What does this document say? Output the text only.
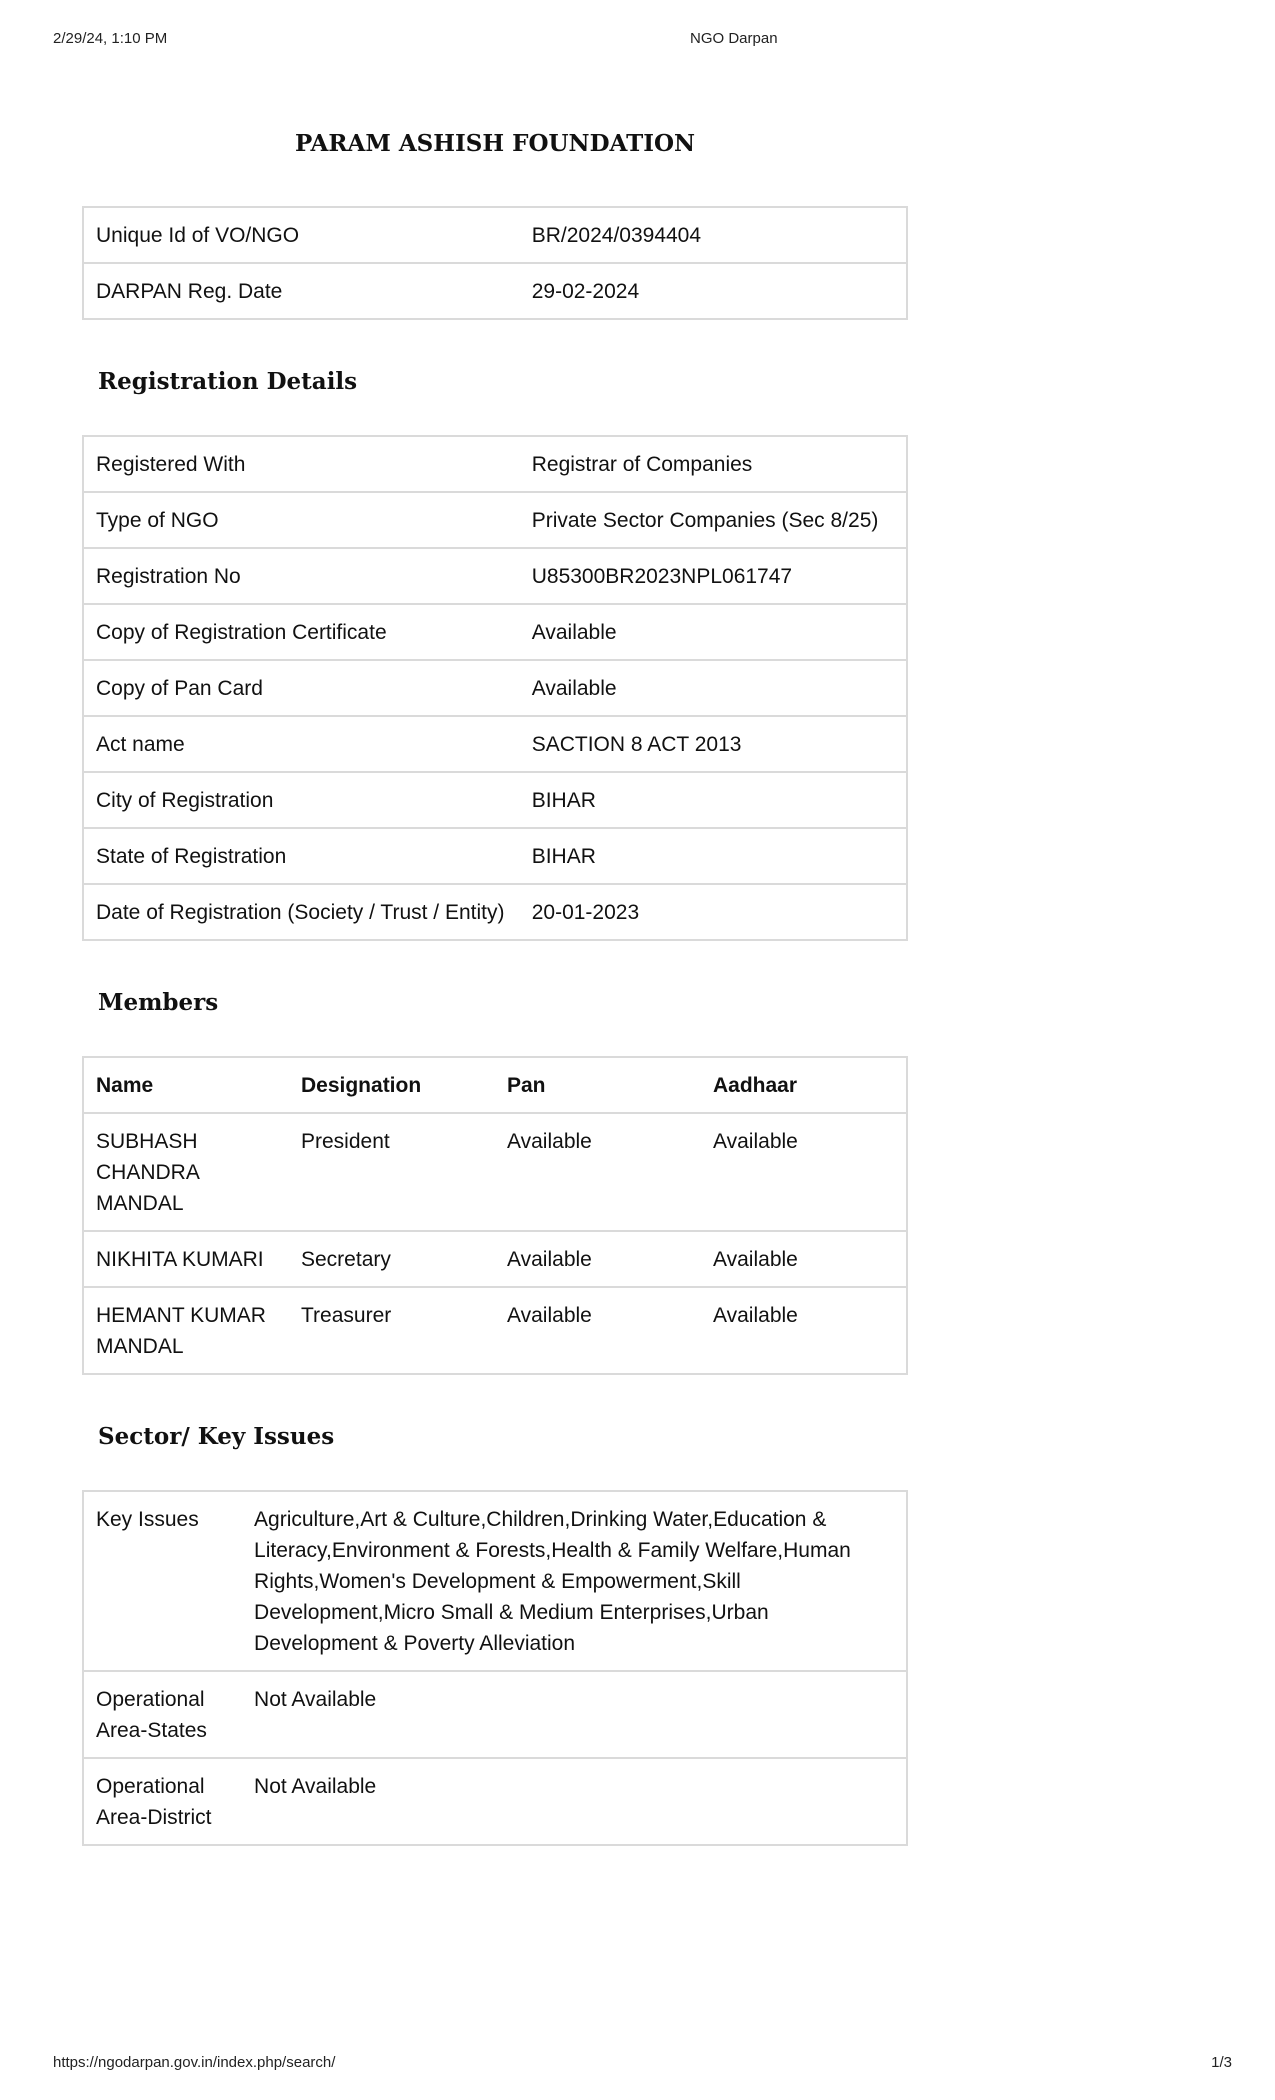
2/29/24, 1:10 PM	NGO Darpan
PARAM ASHISH FOUNDATION
Unique Id of VO/NGO	BR/2024/0394404
DARPAN Reg. Date	29-02-2024
Registration Details
Registered With	Registrar of Companies
Type of NGO	Private Sector Companies (Sec 8/25)
Registration No	U85300BR2023NPL061747
Copy of Registration Certificate	Available
Copy of Pan Card	Available
Act name	SACTION 8 ACT 2013
City of Registration	BIHAR
State of Registration	BIHAR
Date of Registration (Society / Trust / Entity)	20-01-2023
Members
Name	Designation	Pan	Aadhaar
SUBHASH CHANDRA MANDAL	President	Available	Available
NIKHITA KUMARI	Secretary	Available	Available
HEMANT KUMAR MANDAL	Treasurer	Available	Available
Sector/ Key Issues
Key Issues	Agriculture,Art & Culture,Children,Drinking Water,Education & Literacy,Environment & Forests,Health & Family Welfare,Human Rights,Women's Development & Empowerment,Skill Development,Micro Small & Medium Enterprises,Urban Development & Poverty Alleviation
Operational Area-States	Not Available
Operational Area-District	Not Available
https://ngodarpan.gov.in/index.php/search/	1/3
